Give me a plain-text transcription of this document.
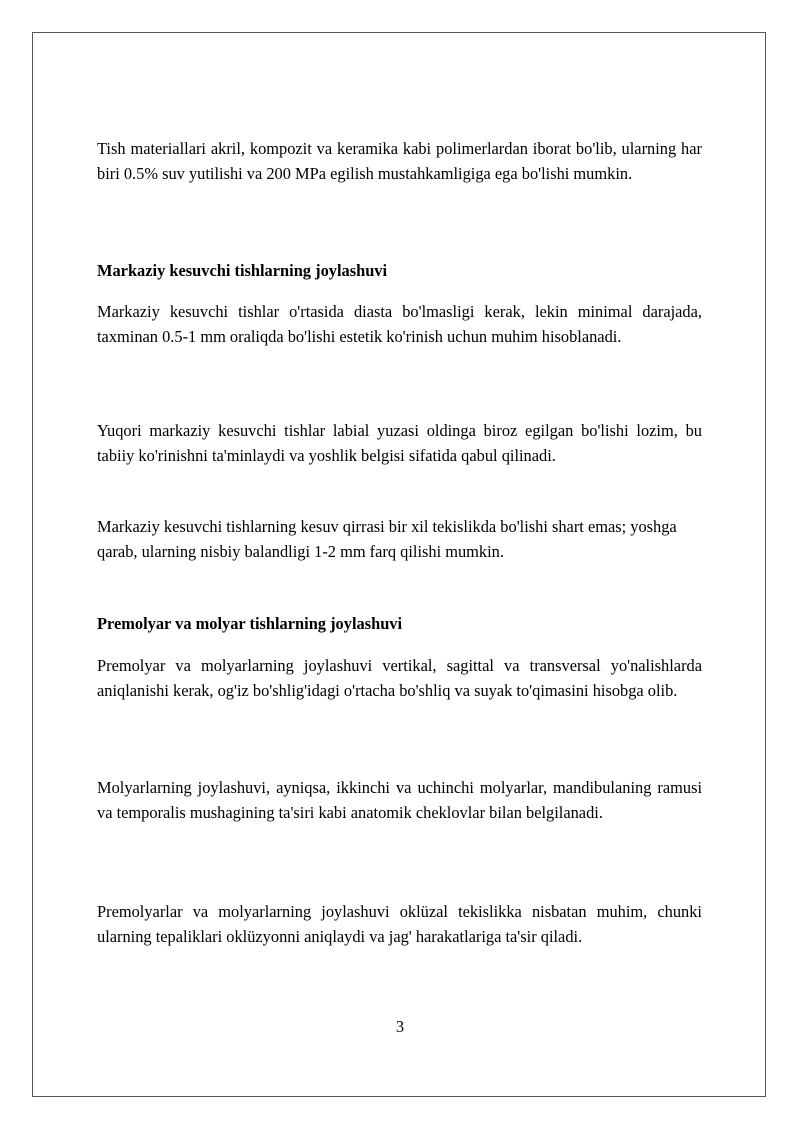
Tish materiallari akril, kompozit va keramika kabi polimerlardan iborat bo'lib, ularning har biri 0.5% suv yutilishi va 200 MPa egilish mustahkamligiga ega bo'lishi mumkin.

Markaziy kesuvchi tishlarning joylashuvi

Markaziy kesuvchi tishlar o'rtasida diasta bo'lmasligi kerak, lekin minimal darajada, taxminan 0.5-1 mm oraliqda bo'lishi estetik ko'rinish uchun muhim hisoblanadi.

Yuqori markaziy kesuvchi tishlar labial yuzasi oldinga biroz egilgan bo'lishi lozim, bu tabiiy ko'rinishni ta'minlaydi va yoshlik belgisi sifatida qabul qilinadi.

Markaziy kesuvchi tishlarning kesuv qirrasi bir xil tekislikda bo'lishi shart emas; yoshga qarab, ularning nisbiy balandligi 1-2 mm farq qilishi mumkin.

Premolyar va molyar tishlarning joylashuvi

Premolyar va molyarlarning joylashuvi vertikal, sagittal va transversal yo'nalishlarda aniqlanishi kerak, og'iz bo'shlig'idagi o'rtacha bo'shliq va suyak to'qimasini hisobga olib.

Molyarlarning joylashuvi, ayniqsa, ikkinchi va uchinchi molyarlar, mandibulaning ramusi va temporalis mushagining ta'siri kabi anatomik cheklovlar bilan belgilanadi.

Premolyarlar va molyarlarning joylashuvi oklüzal tekislikka nisbatan muhim, chunki ularning tepaliklari oklüzyonni aniqlaydi va jag' harakatlariga ta'sir qiladi.

3
